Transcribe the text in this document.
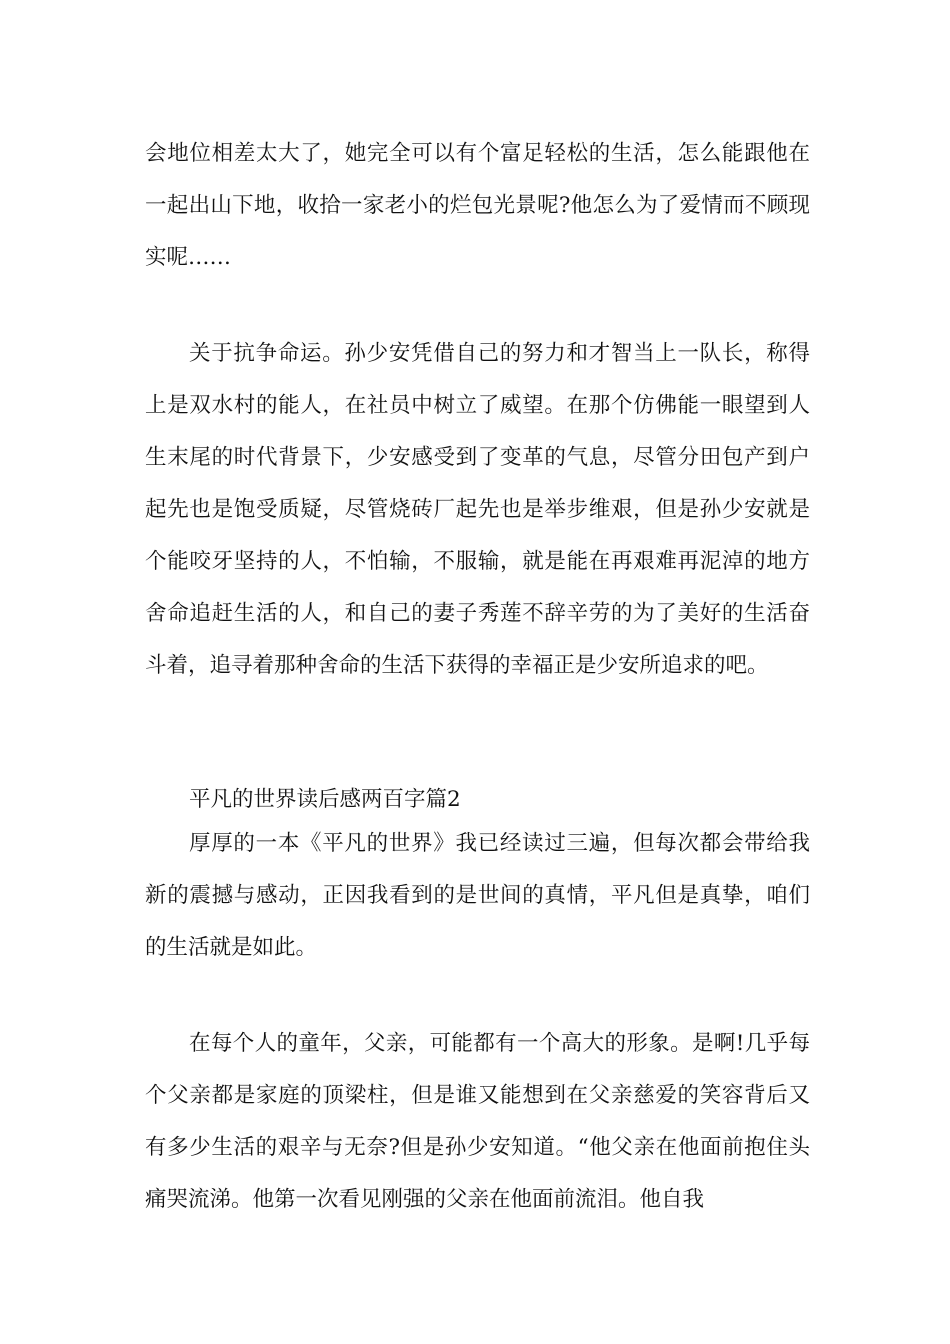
会地位相差太大了，她完全可以有个富足轻松的生活，怎么能跟他在一起出山下地，收拾一家老小的烂包光景呢?他怎么为了爱情而不顾现实呢……

关于抗争命运。孙少安凭借自己的努力和才智当上一队长，称得上是双水村的能人，在社员中树立了威望。在那个仿佛能一眼望到人生末尾的时代背景下，少安感受到了变革的气息，尽管分田包产到户起先也是饱受质疑，尽管烧砖厂起先也是举步维艰，但是孙少安就是个能咬牙坚持的人，不怕输，不服输，就是能在再艰难再泥淖的地方舍命追赶生活的人，和自己的妻子秀莲不辞辛劳的为了美好的生活奋斗着，追寻着那种舍命的生活下获得的幸福正是少安所追求的吧。

平凡的世界读后感两百字篇2

厚厚的一本《平凡的世界》我已经读过三遍，但每次都会带给我新的震撼与感动，正因我看到的是世间的真情，平凡但是真挚，咱们的生活就是如此。

在每个人的童年，父亲，可能都有一个高大的形象。是啊!几乎每个父亲都是家庭的顶梁柱，但是谁又能想到在父亲慈爱的笑容背后又有多少生活的艰辛与无奈?但是孙少安知道。“他父亲在他面前抱住头痛哭流涕。他第一次看见刚强的父亲在他面前流泪。他自我
